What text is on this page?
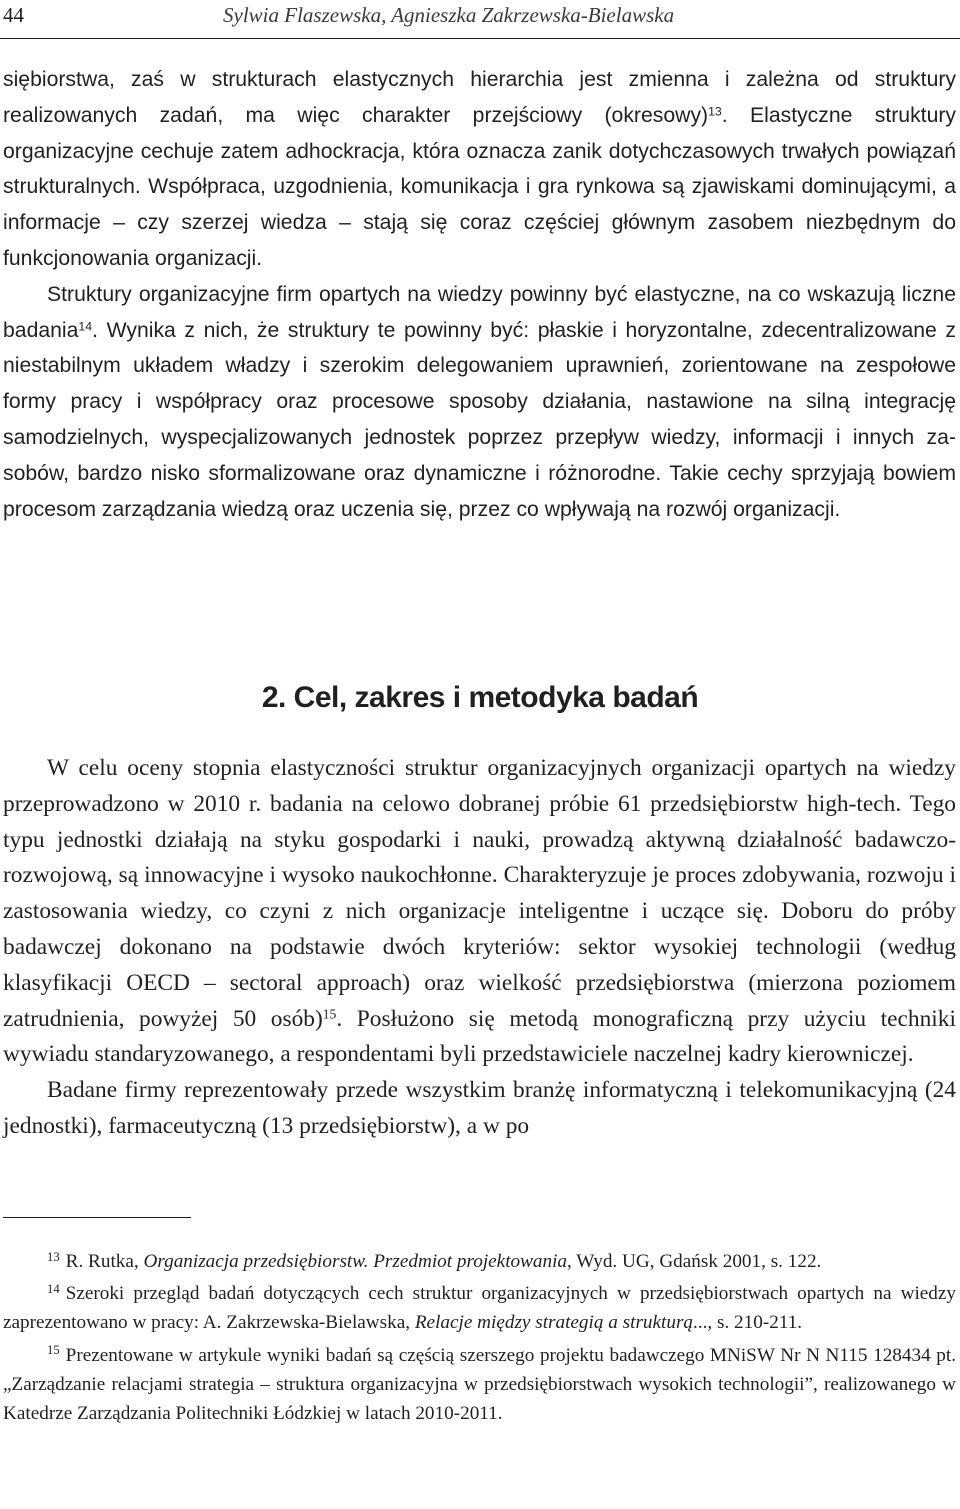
44	Sylwia Flaszewska, Agnieszka Zakrzewska-Bielawska

siębiorstwa, zaś w strukturach elastycznych hierarchia jest zmienna i zależna od struktury realizowanych zadań, ma więc charakter przejściowy (okresowy)$^{13}$. Elastyczne struktury organizacyjne cechuje zatem adhockracja, która oznacza zanik dotychczasowych trwałych powiązań strukturalnych. Współpraca, uzgodnienia, komunikacja i gra rynkowa są zjawiskami dominującymi, a informacje – czy szerzej wiedza – stają się coraz częściej głównym zasobem niezbędnym do funkcjonowania organizacji.

Struktury organizacyjne firm opartych na wiedzy powinny być elastyczne, na co wskazują liczne badania$^{14}$. Wynika z nich, że struktury te powinny być: płaskie i horyzontalne, zdecentralizowane z niestabilnym układem władzy i szerokim delegowaniem uprawnień, zorientowane na zespołowe formy pracy i współpracy oraz procesowe sposoby działania, nastawione na silną integrację samodzielnych, wyspecjalizowanych jednostek poprzez przepływ wiedzy, informacji i innych zasobów, bardzo nisko sformalizowane oraz dynamiczne i różnorodne. Takie cechy sprzyjają bowiem procesom zarządzania wiedzą oraz uczenia się, przez co wpływają na rozwój organizacji.

2. Cel, zakres i metodyka badań

W celu oceny stopnia elastyczności struktur organizacyjnych organizacji opartych na wiedzy przeprowadzono w 2010 r. badania na celowo dobranej próbie 61 przedsiębiorstw high-tech. Tego typu jednostki działają na styku gospodarki i nauki, prowadzą aktywną działalność badawczo-rozwojową, są innowacyjne i wysoko naukochłonne. Charakteryzuje je proces zdobywania, rozwoju i zastosowania wiedzy, co czyni z nich organizacje inteligentne i uczące się. Doboru do próby badawczej dokonano na podstawie dwóch kryteriów: sektor wysokiej technologii (według klasyfikacji OECD – sectoral approach) oraz wielkość przedsiębiorstwa (mierzona poziomem zatrudnienia, powyżej 50 osób)$^{15}$. Posłużono się metodą monograficzną przy użyciu techniki wywiadu standaryzowanego, a respondentami byli przedstawiciele naczelnej kadry kierowniczej.

Badane firmy reprezentowały przede wszystkim branżę informatyczną i telekomunikacyjną (24 jednostki), farmaceutyczną (13 przedsiębiorstw), a w po

$^{13}$ R. Rutka, Organizacja przedsiębiorstw. Przedmiot projektowania, Wyd. UG, Gdańsk 2001, s. 122.

$^{14}$ Szeroki przegląd badań dotyczących cech struktur organizacyjnych w przedsiębiorstwach opartych na wiedzy zaprezentowano w pracy: A. Zakrzewska-Bielawska, Relacje między strategią a strukturą..., s. 210-211.

$^{15}$ Prezentowane w artykule wyniki badań są częścią szerszego projektu badawczego MNiSW Nr N N115 128434 pt. „Zarządzanie relacjami strategia – struktura organizacyjna w przedsiębiorstwach wysokich technologii”, realizowanego w Katedrze Zarządzania Politechniki Łódzkiej w latach 2010-2011.
